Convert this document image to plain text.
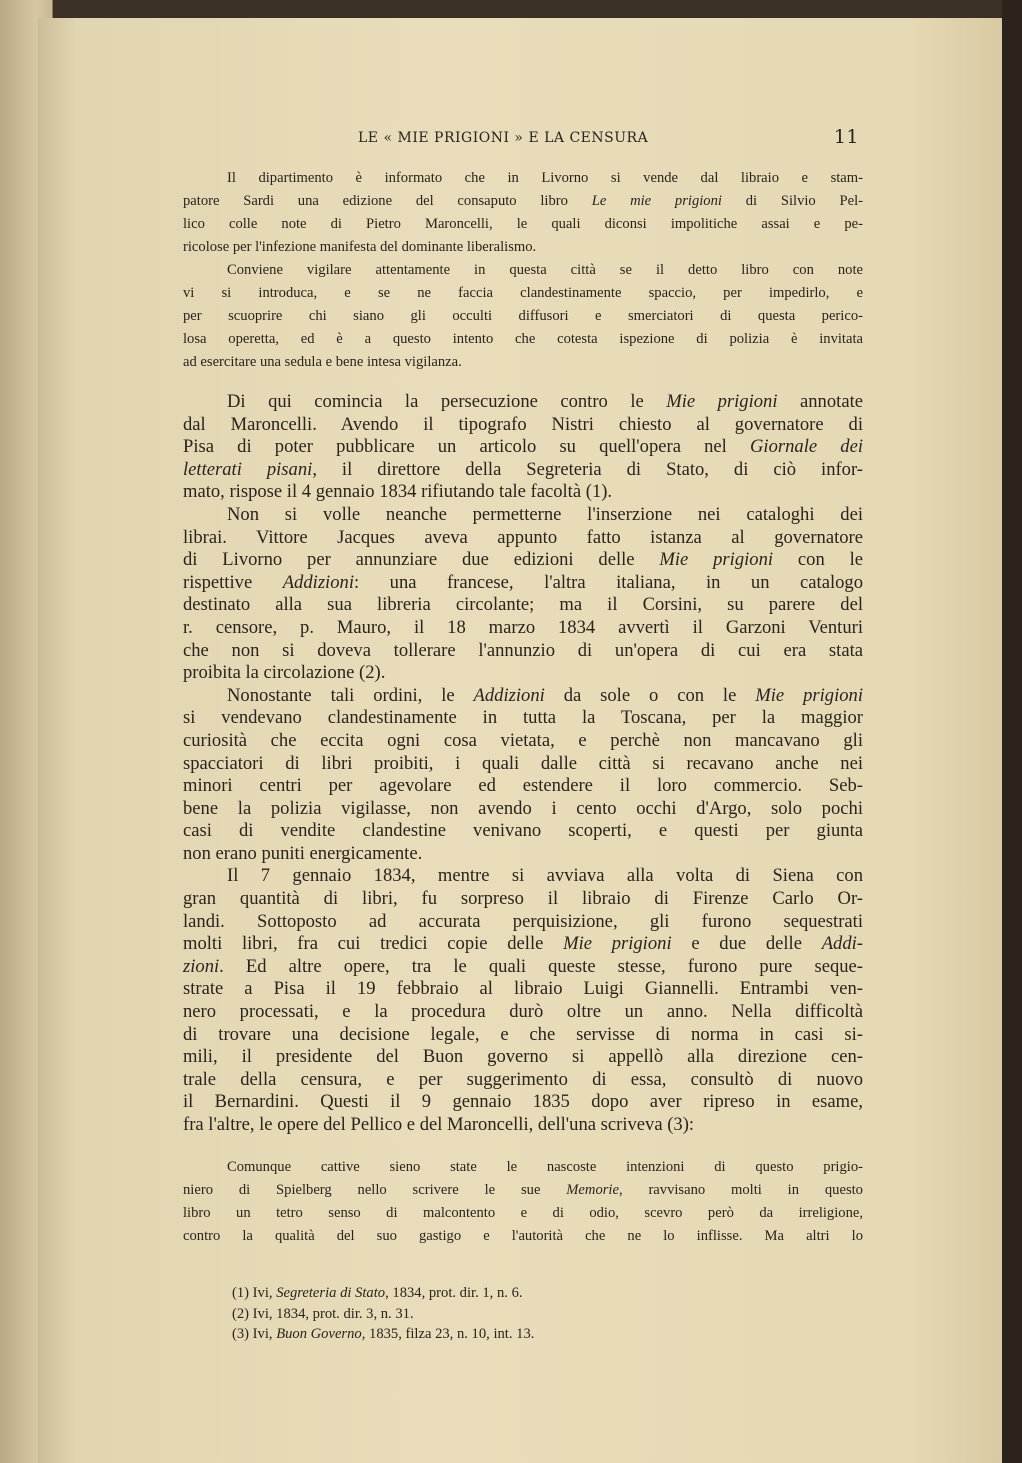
LE « MIE PRIGIONI » E LA CENSURA	11
Il dipartimento è informato che in Livorno si vende dal libraio e stam-
patore Sardi una edizione del consaputo libro Le mie prigioni di Silvio Pel-
lico colle note di Pietro Maroncelli, le quali diconsi impolitiche assai e pe-
ricolose per l'infezione manifesta del dominante liberalismo.
Conviene vigilare attentamente in questa città se il detto libro con note
vi si introduca, e se ne faccia clandestinamente spaccio, per impedirlo, e
per scuoprire chi siano gli occulti diffusori e smerciatori di questa perico-
losa operetta, ed è a questo intento che cotesta ispezione di polizia è invitata
ad esercitare una sedula e bene intesa vigilanza.
Di qui comincia la persecuzione contro le Mie prigioni annotate
dal Maroncelli. Avendo il tipografo Nistri chiesto al governatore di
Pisa di poter pubblicare un articolo su quell'opera nel Giornale dei
letterati pisani, il direttore della Segreteria di Stato, di ciò infor-
mato, rispose il 4 gennaio 1834 rifiutando tale facoltà (1).
Non si volle neanche permetterne l'inserzione nei cataloghi dei
librai. Vittore Jacques aveva appunto fatto istanza al governatore
di Livorno per annunziare due edizioni delle Mie prigioni con le
rispettive Addizioni: una francese, l'altra italiana, in un catalogo
destinato alla sua libreria circolante; ma il Corsini, su parere del
r. censore, p. Mauro, il 18 marzo 1834 avvertì il Garzoni Venturi
che non si doveva tollerare l'annunzio di un'opera di cui era stata
proibita la circolazione (2).
Nonostante tali ordini, le Addizioni da sole o con le Mie prigioni
si vendevano clandestinamente in tutta la Toscana, per la maggior
curiosità che eccita ogni cosa vietata, e perchè non mancavano gli
spacciatori di libri proibiti, i quali dalle città si recavano anche nei
minori centri per agevolare ed estendere il loro commercio. Seb-
bene la polizia vigilasse, non avendo i cento occhi d'Argo, solo pochi
casi di vendite clandestine venivano scoperti, e questi per giunta
non erano puniti energicamente.
Il 7 gennaio 1834, mentre si avviava alla volta di Siena con
gran quantità di libri, fu sorpreso il libraio di Firenze Carlo Or-
landi. Sottoposto ad accurata perquisizione, gli furono sequestrati
molti libri, fra cui tredici copie delle Mie prigioni e due delle Addi-
zioni. Ed altre opere, tra le quali queste stesse, furono pure seque-
strate a Pisa il 19 febbraio al libraio Luigi Giannelli. Entrambi ven-
nero processati, e la procedura durò oltre un anno. Nella difficoltà
di trovare una decisione legale, e che servisse di norma in casi si-
mili, il presidente del Buon governo si appellò alla direzione cen-
trale della censura, e per suggerimento di essa, consultò di nuovo
il Bernardini. Questi il 9 gennaio 1835 dopo aver ripreso in esame,
fra l'altre, le opere del Pellico e del Maroncelli, dell'una scriveva (3):
Comunque cattive sieno state le nascoste intenzioni di questo prigio-
niero di Spielberg nello scrivere le sue Memorie, ravvisano molti in questo
libro un tetro senso di malcontento e di odio, scevro però da irreligione,
contro la qualità del suo gastigo e l'autorità che ne lo inflisse. Ma altri lo
(1) Ivi, Segreteria di Stato, 1834, prot. dir. 1, n. 6.
(2) Ivi, 1834, prot. dir. 3, n. 31.
(3) Ivi, Buon Governo, 1835, filza 23, n. 10, int. 13.
